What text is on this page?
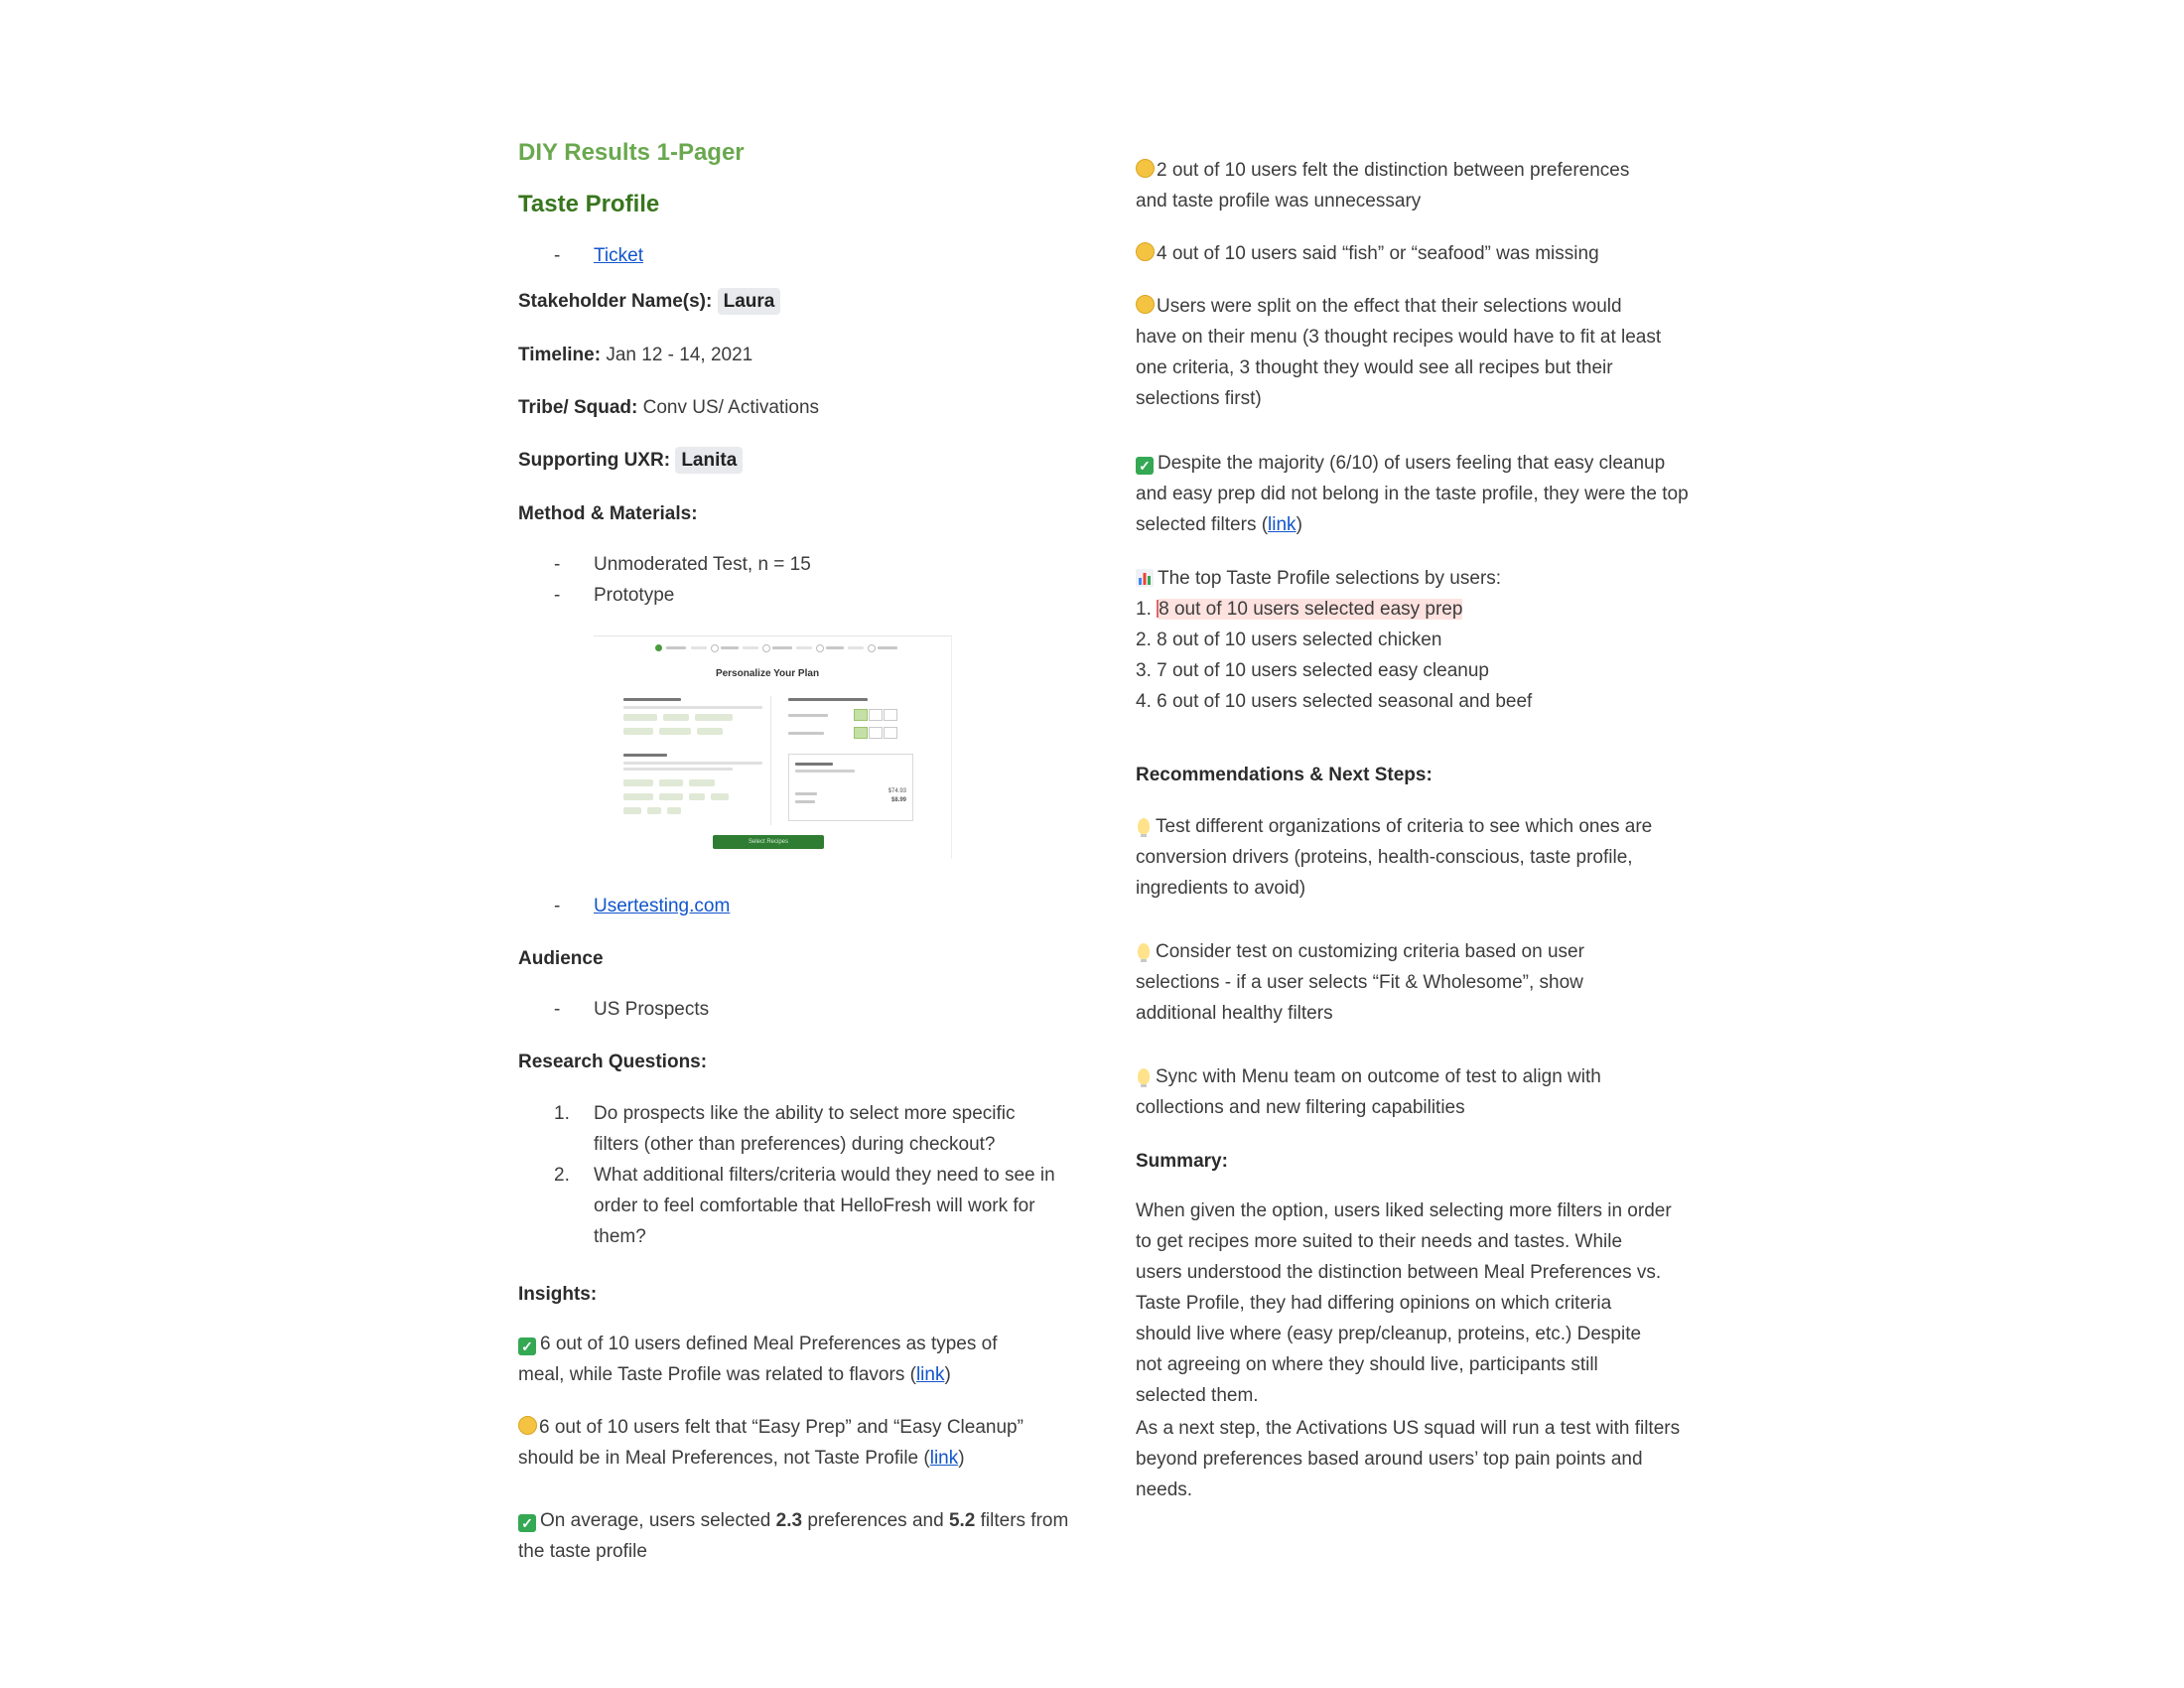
DIY Results 1-Pager
Taste Profile
- Ticket
Stakeholder Name(s): Laura
Timeline: Jan 12 - 14, 2021
Tribe/ Squad: Conv US/ Activations
Supporting UXR: Lanita
Method & Materials:
- Unmoderated Test, n = 15
- Prototype
Personalize Your Plan
$74.93
$8.99
Select Recipes
- Usertesting.com
Audience
- US Prospects
Research Questions:
1. Do prospects like the ability to select more specific filters (other than preferences) during checkout?
2. What additional filters/criteria would they need to see in order to feel comfortable that HelloFresh will work for them?
Insights:
✓ 6 out of 10 users defined Meal Preferences as types of meal, while Taste Profile was related to flavors (link)
6 out of 10 users felt that “Easy Prep” and “Easy Cleanup” should be in Meal Preferences, not Taste Profile (link)
✓ On average, users selected 2.3 preferences and 5.2 filters from the taste profile
2 out of 10 users felt the distinction between preferences and taste profile was unnecessary
4 out of 10 users said “fish” or “seafood” was missing
Users were split on the effect that their selections would have on their menu (3 thought recipes would have to fit at least one criteria, 3 thought they would see all recipes but their selections first)
✓ Despite the majority (6/10) of users feeling that easy cleanup and easy prep did not belong in the taste profile, they were the top selected filters (link)
The top Taste Profile selections by users:
1. 8 out of 10 users selected easy prep
2. 8 out of 10 users selected chicken
3. 7 out of 10 users selected easy cleanup
4. 6 out of 10 users selected seasonal and beef
Recommendations & Next Steps:
Test different organizations of criteria to see which ones are conversion drivers (proteins, health-conscious, taste profile, ingredients to avoid)
Consider test on customizing criteria based on user selections - if a user selects “Fit & Wholesome”, show additional healthy filters
Sync with Menu team on outcome of test to align with collections and new filtering capabilities
Summary:
When given the option, users liked selecting more filters in order to get recipes more suited to their needs and tastes. While users understood the distinction between Meal Preferences vs. Taste Profile, they had differing opinions on which criteria should live where (easy prep/cleanup, proteins, etc.) Despite not agreeing on where they should live, participants still selected them.
As a next step, the Activations US squad will run a test with filters beyond preferences based around users’ top pain points and needs.
